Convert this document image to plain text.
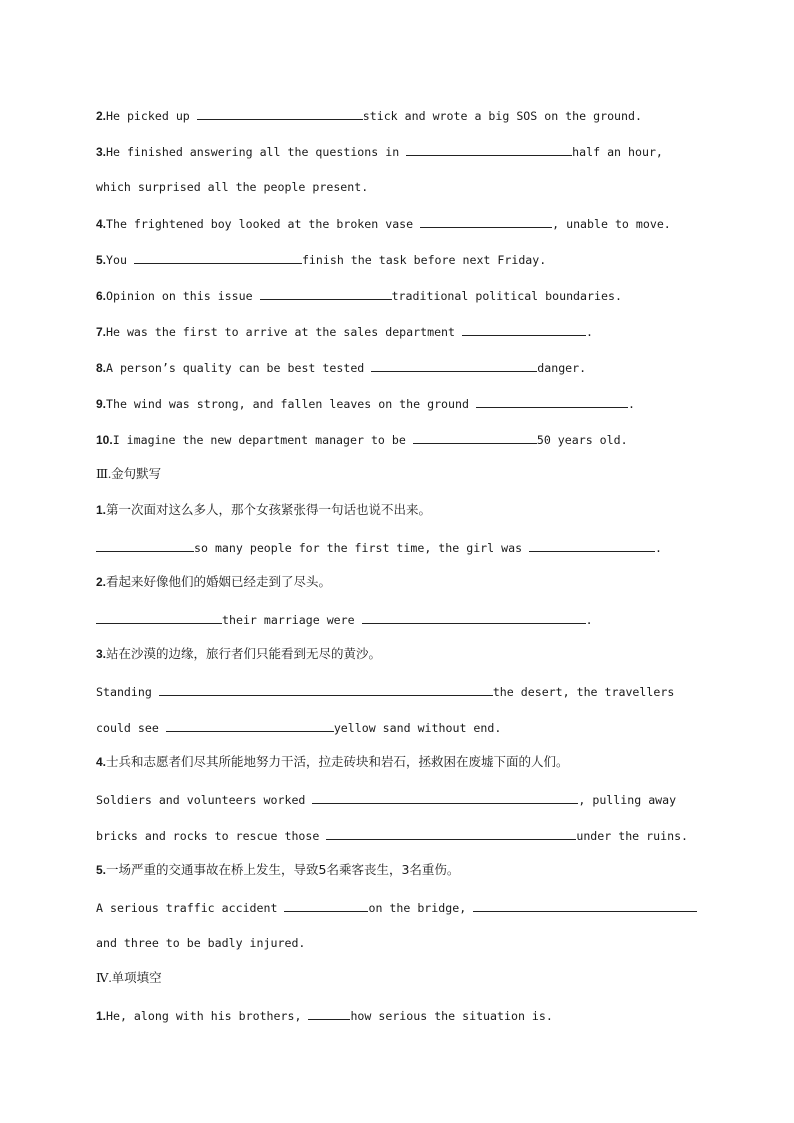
2.He picked up	stick and wrote a big SOS on the ground.
3.He finished answering all the questions in	half an hour,
which surprised all the people present.
4.The frightened boy looked at the broken vase	, unable to move.
5.You	finish the task before next Friday.
6.Opinion on this issue	traditional political boundaries.
7.He was the first to arrive at the sales department	.
8.A person’s quality can be best tested	danger.
9.The wind was strong, and fallen leaves on the ground	.
10.I imagine the new department manager to be	50 years old.
Ⅲ.金句默写
1.第一次面对这么多人，那个女孩紧张得一句话也说不出来。
so many people for the first time, the girl was	.
2.看起来好像他们的婚姻已经走到了尽头。
their marriage were	.
3.站在沙漠的边缘，旅行者们只能看到无尽的黄沙。
Standing	the desert, the travellers
could see	yellow sand without end.
4.士兵和志愿者们尽其所能地努力干活，拉走砖块和岩石，拯救困在废墟下面的人们。
Soldiers and volunteers worked	, pulling away
bricks and rocks to rescue those	under the ruins.
5.一场严重的交通事故在桥上发生，导致5名乘客丧生，3名重伤。
A serious traffic accident	on the bridge,
and three to be badly injured.
Ⅳ.单项填空
1.He, along with his brothers,	how serious the situation is.
